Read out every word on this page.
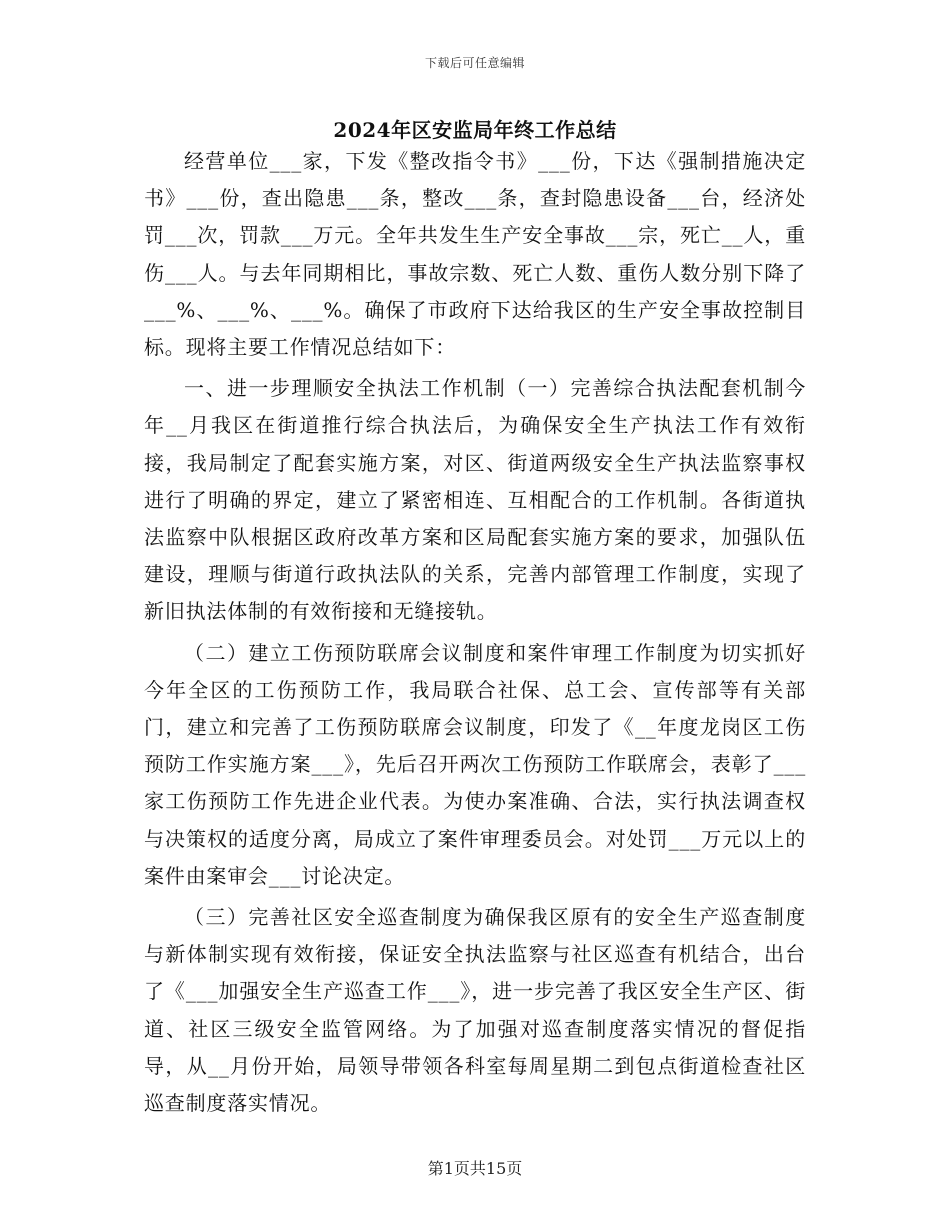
下载后可任意编辑
2024年区安监局年终工作总结

经营单位___家，下发《整改指令书》___份，下达《强制措施决定书》___份，查出隐患___条，整改___条，查封隐患设备___台，经济处罚___次，罚款___万元。全年共发生生产安全事故___宗，死亡__人，重伤___人。与去年同期相比，事故宗数、死亡人数、重伤人数分别下降了___%、___%、___%。确保了市政府下达给我区的生产安全事故控制目标。现将主要工作情况总结如下：

一、进一步理顺安全执法工作机制（一）完善综合执法配套机制今年__月我区在街道推行综合执法后，为确保安全生产执法工作有效衔接，我局制定了配套实施方案，对区、街道两级安全生产执法监察事权进行了明确的界定，建立了紧密相连、互相配合的工作机制。各街道执法监察中队根据区政府改革方案和区局配套实施方案的要求，加强队伍建设，理顺与街道行政执法队的关系，完善内部管理工作制度，实现了新旧执法体制的有效衔接和无缝接轨。

（二）建立工伤预防联席会议制度和案件审理工作制度为切实抓好今年全区的工伤预防工作，我局联合社保、总工会、宣传部等有关部门，建立和完善了工伤预防联席会议制度，印发了《__年度龙岗区工伤预防工作实施方案___》，先后召开两次工伤预防工作联席会，表彰了___家工伤预防工作先进企业代表。为使办案准确、合法，实行执法调查权与决策权的适度分离，局成立了案件审理委员会。对处罚___万元以上的案件由案审会___讨论决定。

（三）完善社区安全巡查制度为确保我区原有的安全生产巡查制度与新体制实现有效衔接，保证安全执法监察与社区巡查有机结合，出台了《___加强安全生产巡查工作___》，进一步完善了我区安全生产区、街道、社区三级安全监管网络。为了加强对巡查制度落实情况的督促指导，从__月份开始，局领导带领各科室每周星期二到包点街道检查社区巡查制度落实情况。

第1页共15页
